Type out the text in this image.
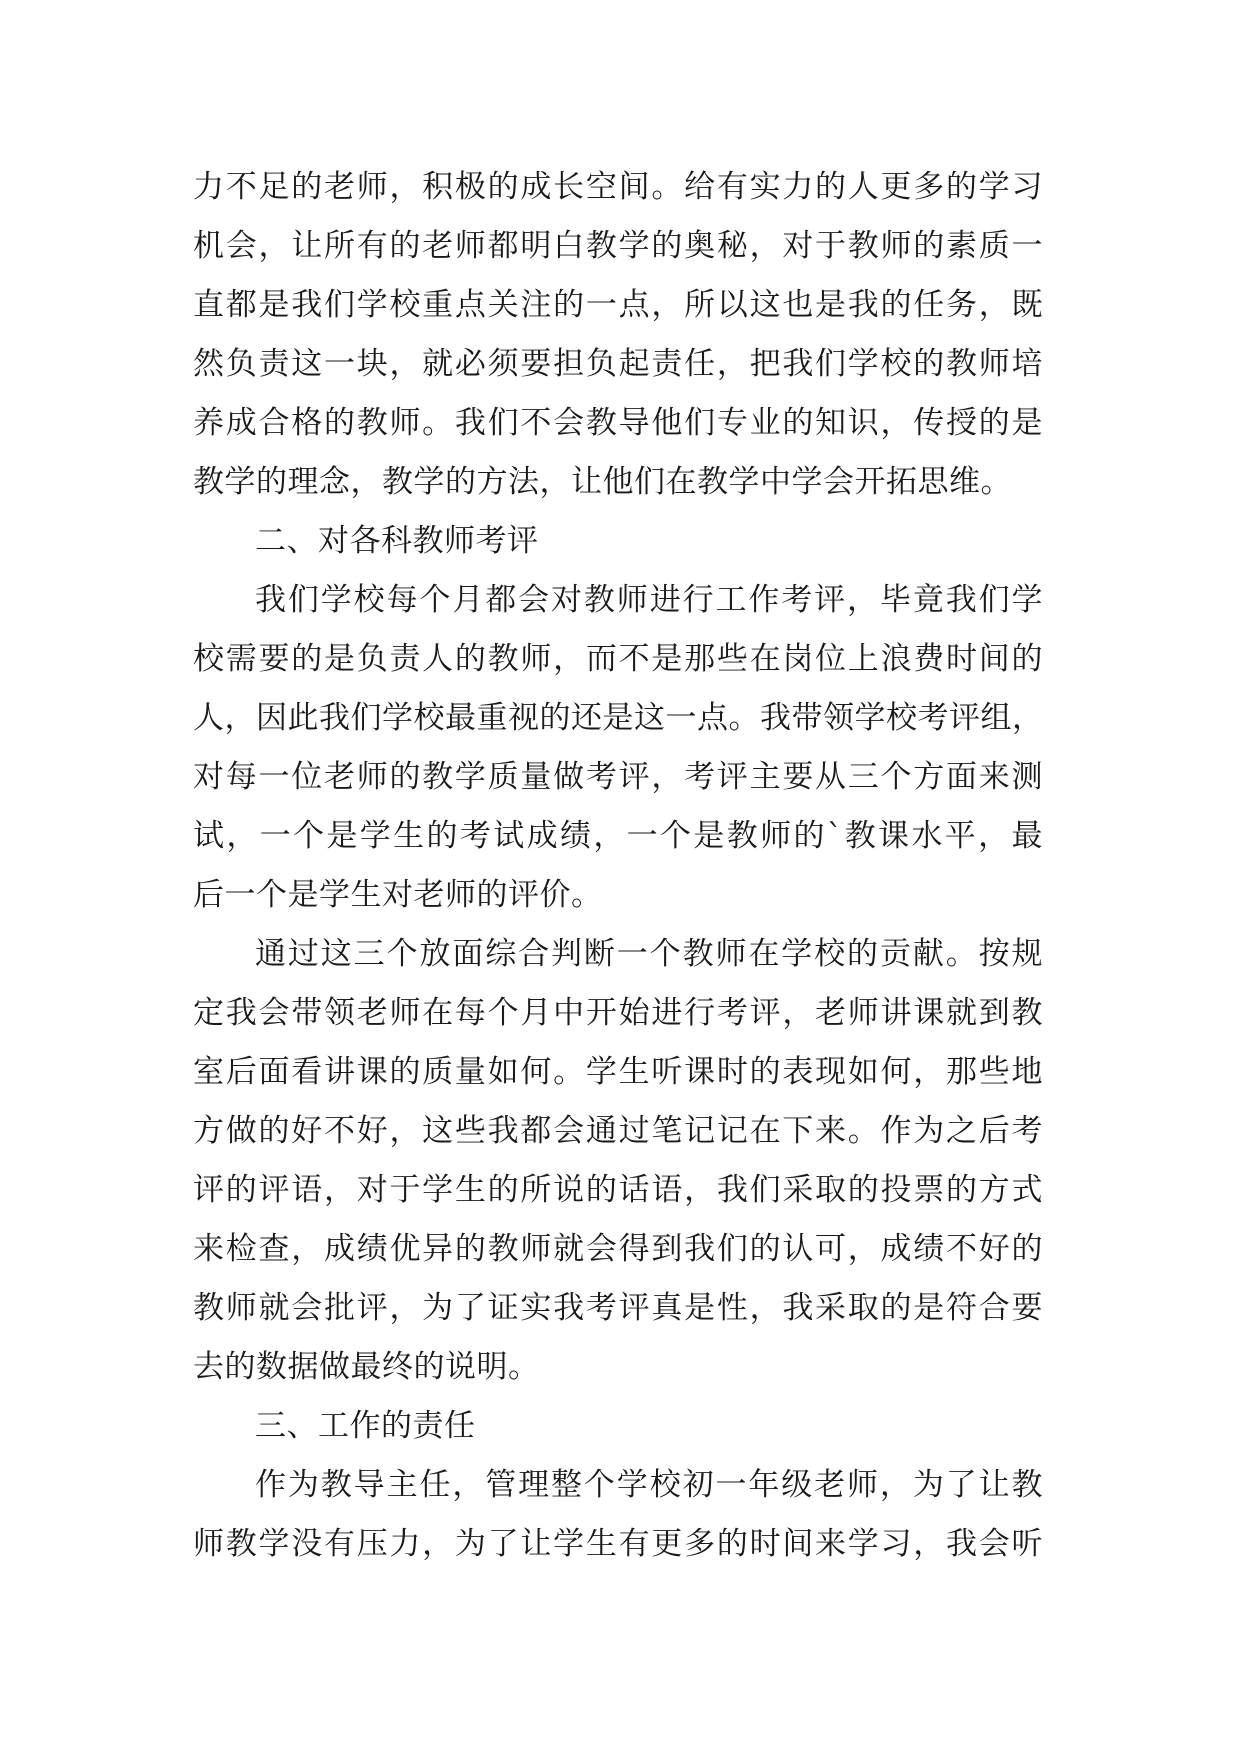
力不足的老师，积极的成长空间。给有实力的人更多的学习
机会，让所有的老师都明白教学的奥秘，对于教师的素质一
直都是我们学校重点关注的一点，所以这也是我的任务，既
然负责这一块，就必须要担负起责任，把我们学校的教师培
养成合格的教师。我们不会教导他们专业的知识，传授的是
教学的理念，教学的方法，让他们在教学中学会开拓思维。
二、对各科教师考评
我们学校每个月都会对教师进行工作考评，毕竟我们学
校需要的是负责人的教师，而不是那些在岗位上浪费时间的
人，因此我们学校最重视的还是这一点。我带领学校考评组，
对每一位老师的教学质量做考评，考评主要从三个方面来测
试，一个是学生的考试成绩，一个是教师的`教课水平，最
后一个是学生对老师的评价。
通过这三个放面综合判断一个教师在学校的贡献。按规
定我会带领老师在每个月中开始进行考评，老师讲课就到教
室后面看讲课的质量如何。学生听课时的表现如何，那些地
方做的好不好，这些我都会通过笔记记在下来。作为之后考
评的评语，对于学生的所说的话语，我们采取的投票的方式
来检查，成绩优异的教师就会得到我们的认可，成绩不好的
教师就会批评，为了证实我考评真是性，我采取的是符合要
去的数据做最终的说明。
三、工作的责任
作为教导主任，管理整个学校初一年级老师，为了让教
师教学没有压力，为了让学生有更多的时间来学习，我会听
